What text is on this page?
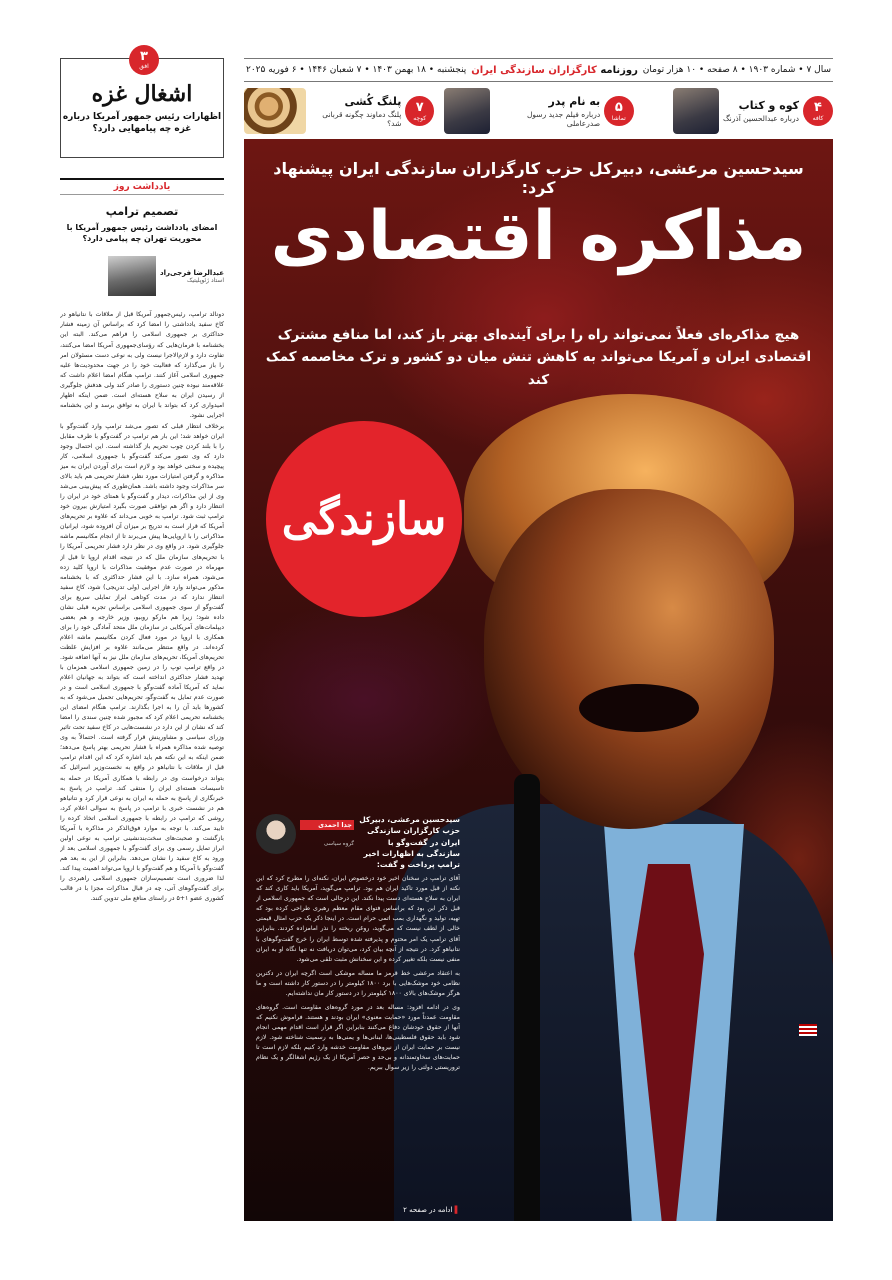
سال ۷ • شماره ۱۹۰۳ • ۸ صفحه • ۱۰ هزار تومان
روزنامه کارگزاران سازندگی ایران
پنجشنبه • ۱۸ بهمن ۱۴۰۳ • ۷ شعبان ۱۴۴۶ • ۶ فوریه ۲۰۲۵
۴
کافه
کوه و کتاب
درباره عبدالحسین آذرنگ
۵
تماشا
به نام پدر
درباره فیلم جدید رسول صدرعاملی
۷
کوچه
پلنگ کُشی
پلنگ دماوند چگونه قربانی شد؟
۳
افق
اشغال غزه
اظهارات رئیس جمهور آمریکا درباره غزه چه پیامهایی دارد؟
یادداشت روز
تصمیم ترامپ
امضای یادداشت رئیس جمهور آمریکا با محوریت تهران چه پیامی دارد؟
عبدالرضا فرجی‌راد
استاد ژئوپلیتیک

دونالد ترامپ، رئیس‌جمهور آمریکا قبل از ملاقات با نتانیاهو در کاخ سفید یادداشتی را امضا کرد که براساس آن زمینه فشار حداکثری بر جمهوری اسلامی را فراهم می‌کند. البته این بخشنامه با فرمان‌هایی که رؤسای‌جمهوری آمریکا امضا می‌کنند، تفاوت دارد و لازم‌الاجرا نیست ولی به نوعی دست مسئولان امر را باز می‌گذارد که فعالیت خود را در جهت محدودیت‌ها علیه جمهوری اسلامی آغاز کنند. ترامپ هنگام امضا اعلام داشت که علاقه‌مند نبوده چنین دستوری را صادر کند ولی هدفش جلوگیری از رسیدن ایران به سلاح هسته‌ای است. ضمن اینکه اظهار امیدواری کرد که بتواند با ایران به توافق برسد و این بخشنامه اجرایی نشود.

برخلاف انتظار قبلی که تصور می‌شد ترامپ وارد گفت‌وگو با ایران خواهد شد؛ این بار هم ترامپ در گفت‌وگو با طرف مقابل را با بلند کردن چوب تحریم باز گذاشته است. این احتمال وجود دارد که وی تصور می‌کند گفت‌وگو با جمهوری اسلامی، کار پیچیده و سختی خواهد بود و لازم است برای آوردن ایران به میز مذاکره و گرفتن امتیازات مورد نظر، فشار تحریمی هم باید بالای سر مذاکرات وجود داشته باشد. همان‌طوری که پیش‌بینی می‌شد وی از این مذاکرات، دیدار و گفت‌وگو با همتای خود در ایران را انتظار دارد و اگر هم توافقی صورت بگیرد امتیازش بیرون خود ترامپ ثبت شود. ترامپ به خوبی می‌داند که علاوه بر تحریم‌های آمریکا که قرار است به تدریج بر میزان آن افزوده شود، ایرانیان مذاکراتی را با اروپایی‌ها پیش می‌برند تا از انجام مکانیسم ماشه جلوگیری شود. در واقع وی در نظر دارد فشار تحریمی آمریکا را با تحریم‌های سازمان ملل که در نتیجه اقدام اروپا تا قبل از مهرماه در صورت عدم موفقیت مذاکرات با اروپا کلید زده می‌شود، همراه سازد. با این فشار حداکثری که با بخشنامه مذکور می‌تواند وارد فاز اجرایی (ولی تدریجی) شود، کاخ سفید انتظار ندارد که در مدت کوتاهی ابراز تمایلی سریع برای گفت‌وگو از سوی جمهوری اسلامی براساس تجربه قبلی نشان داده شود؛ زیرا هم مارکو روبیو، وزیر خارجه و هم بعضی دیپلمات‌های آمریکایی در سازمان ملل متحد آمادگی خود را برای همکاری با اروپا در مورد فعال کردن مکانیسم ماشه اعلام کرده‌اند. در واقع منتظر می‌مانند علاوه بر افزایش غلظت تحریم‌های آمریکا، تحریم‌های سازمان ملل نیز به آنها اضافه شود. در واقع ترامپ توپ را در زمین جمهوری اسلامی همزمان با تهدید فشار حداکثری انداخته است که بتواند به جهانیان اعلام نماید که آمریکا آماده گفت‌وگو با جمهوری اسلامی است و در صورت عدم تمایل به گفت‌وگو، تحریم‌هایی تحمیل می‌شود که به کشورها باید آن را به اجرا بگذارند. ترامپ هنگام امضای این بخشنامه تحریمی اعلام کرد که مجبور شده چنین سندی را امضا کند که نشان از این دارد در نشست‌هایی در کاخ سفید تحت تاثیر وزرای سیاسی و مشاورینش قرار گرفته است. احتمالاً به وی توصیه شده مذاکره همراه با فشار تحریمی بهتر پاسخ می‌دهد؛ ضمن اینکه به این نکته هم باید اشاره کرد که این اقدام ترامپ قبل از ملاقات با نتانیاهو در واقع به نخست‌وزیر اسرائیل که بتواند درخواست وی در رابطه با همکاری آمریکا در حمله به تاسیسات هسته‌ای ایران را منتفی کند. ترامپ در پاسخ به خبرنگاری از پاسخ به حمله به ایران به نوعی قرار کرد و نتانیاهو هم در نشست خبری با ترامپ در پاسخ به سوالی اعلام کرد، روشی که ترامپ در رابطه با جمهوری اسلامی اتخاذ کرده را تایید می‌کند. با توجه به موارد فوق‌الذکر در مذاکره با آمریکا بازگشت و صحبت‌های سخت‌بندنشینی ترامپ به نوعی اولین ابراز تمایل رسمی وی برای گفت‌وگو با جمهوری اسلامی بعد از ورود به کاخ سفید را نشان می‌دهد. بنابراین از این به بعد هم گفت‌وگو با آمریکا و هم گفت‌وگو با اروپا می‌تواند اهمیت پیدا کند. لذا ضروری است تصمیم‌سازان جمهوری اسلامی راهبردی را برای گفت‌وگوهای آتی، چه در قبال مذاکرات مجزا با در قالب کشوری عضو ۱+۵ در راستای منافع ملی تدوین کنند.

سیدحسین مرعشی، دبیرکل حزب کارگزاران سازندگی ایران پیشنهاد کرد:
مذاکره اقتصادی
هیچ مذاکره‌ای فعلاً نمی‌تواند راه را برای آینده‌ای بهتر باز کند، اما منافع مشترک اقتصادی ایران و آمریکا می‌تواند به کاهش تنش میان دو کشور و ترک مخاصمه کمک کند
سازندگی
سیدحسین مرعشی، دبیرکل حزب کارگزاران سازندگی ایران در گفت‌وگو با سازندگی به اظهارات اخیر ترامپ پرداخت و گفت:
جدا احمدی
گروه سیاسی

آقای ترامپ در سخنان اخیر خود درخصوص ایران، نکته‌ای را مطرح کرد که این نکته از قبل مورد تاکید ایران هم بود. ترامپ می‌گوید، آمریکا باید کاری کند که ایران به سلاح هسته‌ای دست پیدا نکند. این درحالی است که جمهوری اسلامی از قبل ذکر این بود که براساس فتوای مقام معظم رهبری طراحی کرده بود که تهیه، تولید و نگهداری بمب اتمی حرام است. در اینجا ذکر یک حزب امثال قیمتی خالی از لطف نیست که می‌گوید، روغن ریخته را نذر امامزاده کردند. بنابراین آقای ترامپ یک امر محتوم و پذیرفته شده توسط ایران را خرج گفت‌وگوهای با نتانیاهو کرد. در نتیجه از آنچه بیان کرد، می‌توان دریافت نه تنها نگاه او به ایران منفی نیست بلکه تغییر کرده و این سخنانش مثبت تلقی می‌شود.

به اعتقاد مرعشی خط قرمز ما مساله موشکی است اگرچه ایران در دکترین نظامی خود موشک‌هایی با برد ۱۸۰۰ کیلومتر را در دستور کار داشته است و ما هرگز موشک‌های بالای ۱۸۰۰ کیلومتر را در دستور کار مان نداشته‌ایم.

وی در ادامه افزود: مساله بعد در مورد گروه‌های مقاومت است. گروه‌های مقاومت عمدتاً مورد «حمایت معنوی» ایران بودند و هستند. فراموش نکنیم که آنها از حقوق خودشان دفاع می‌کنند بنابراین اگر قرار است اقدام مهمی انجام شود باید حقوق فلسطینی‌ها، لبنانی‌ها و یمنی‌ها به رسمیت شناخته شود. لازم نیست بر حمایت ایران از نیروهای مقاومت خدشه وارد کنیم بلکه لازم است تا حمایت‌های سخاوتمندانه و بی‌حد و حصر آمریکا از یک رژیم اشغالگر و یک نظام تروریستی دولتی را زیر سوال ببریم.

▌ ادامه در صفحه ۲
